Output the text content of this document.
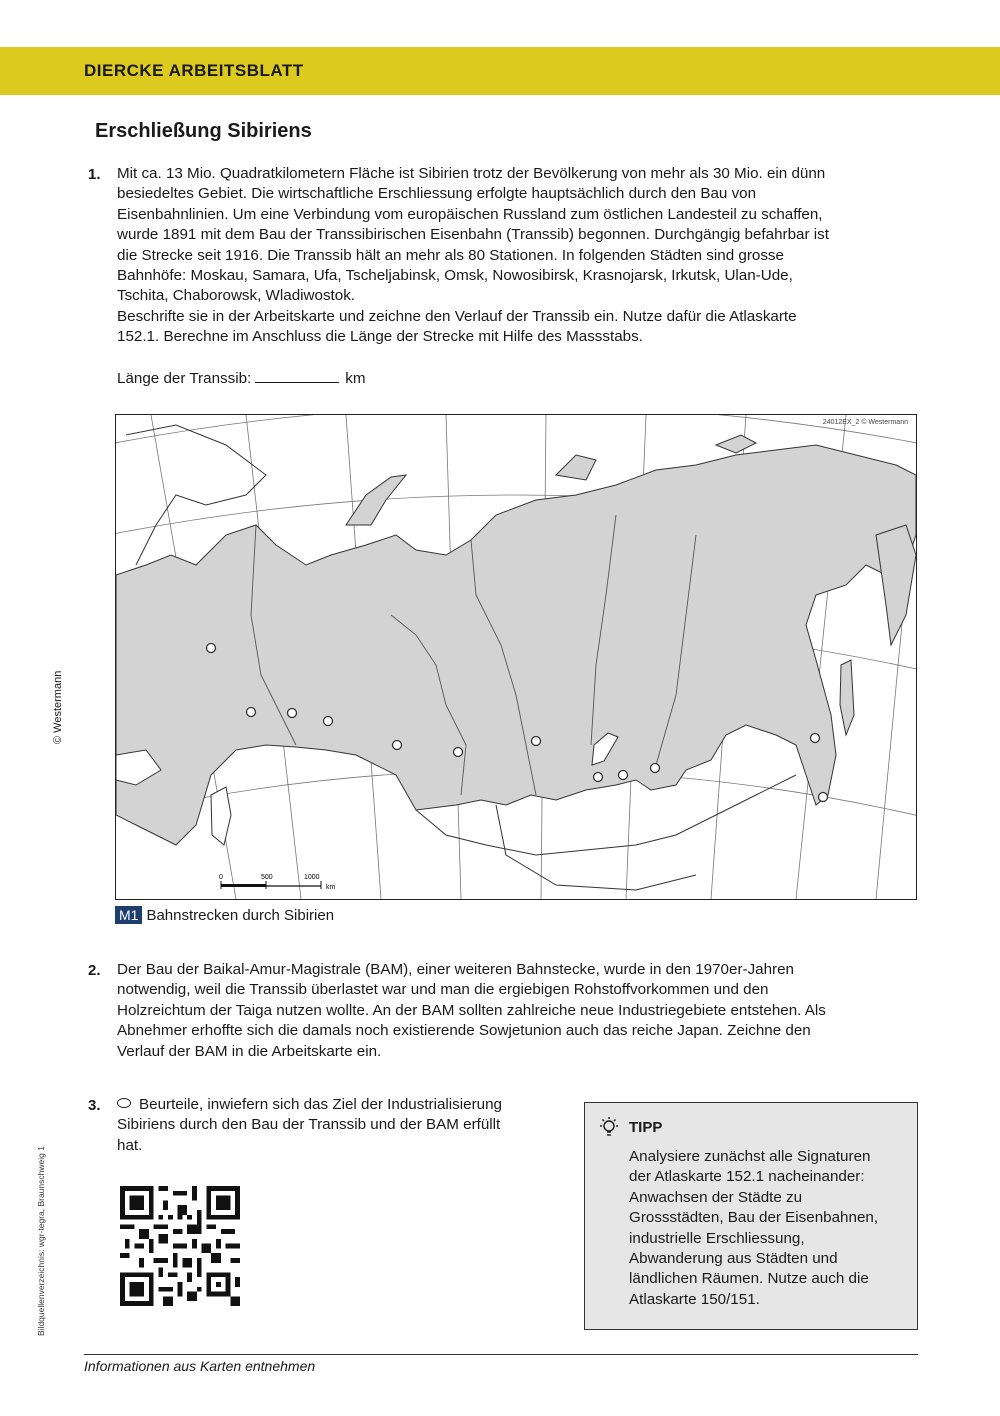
DIERCKE ARBEITSBLATT
Erschließung Sibiriens
1. Mit ca. 13 Mio. Quadratkilometern Fläche ist Sibirien trotz der Bevölkerung von mehr als 30 Mio. ein dünn

besiedeltes Gebiet. Die wirtschaftliche Erschliessung erfolgte hauptsächlich durch den Bau von

Eisenbahnlinien. Um eine Verbindung vom europäischen Russland zum östlichen Landesteil zu schaffen,

wurde 1891 mit dem Bau der Transsibirischen Eisenbahn (Transsib) begonnen. Durchgängig befahrbar ist

die Strecke seit 1916. Die Transsib hält an mehr als 80 Stationen. In folgenden Städten sind grosse

Bahnhöfe: Moskau, Samara, Ufa, Tscheljabinsk, Omsk, Nowosibirsk, Krasnojarsk, Irkutsk, Ulan-Ude,

Tschita, Chaborowsk, Wladiwostok.

Beschrifte sie in der Arbeitskarte und zeichne den Verlauf der Transsib ein. Nutze dafür die Atlaskarte

152.1. Berechne im Anschluss die Länge der Strecke mit Hilfe des Massstabs.

Länge der Transsib:	km
0	500	1000
km
24012EX_2 © Westermann
M1 Bahnstrecken durch Sibirien
2. Der Bau der Baikal-Amur-Magistrale (BAM), einer weiteren Bahnstecke, wurde in den 1970er-Jahren

notwendig, weil die Transsib überlastet war und man die ergiebigen Rohstoffvorkommen und den

Holzreichtum der Taiga nutzen wollte. An der BAM sollten zahlreiche neue Industriegebiete entstehen. Als

Abnehmer erhoffte sich die damals noch existierende Sowjetunion auch das reiche Japan. Zeichne den

Verlauf der BAM in die Arbeitskarte ein.

3.	Beurteile, inwiefern sich das Ziel der Industrialisierung

Sibiriens durch den Bau der Transsib und der BAM erfüllt

hat.

TIPP
Analysiere zunächst alle Signaturen
der Atlaskarte 152.1 nacheinander:
Anwachsen der Städte zu
Grossstädten, Bau der Eisenbahnen,
industrielle Erschliessung,
Abwanderung aus Städten und
ländlichen Räumen. Nutze auch die
Atlaskarte 150/151.
Informationen aus Karten entnehmen
© Westermann
Bildquellenverzeichnis: wgr-tegra, Braunschweig 1
